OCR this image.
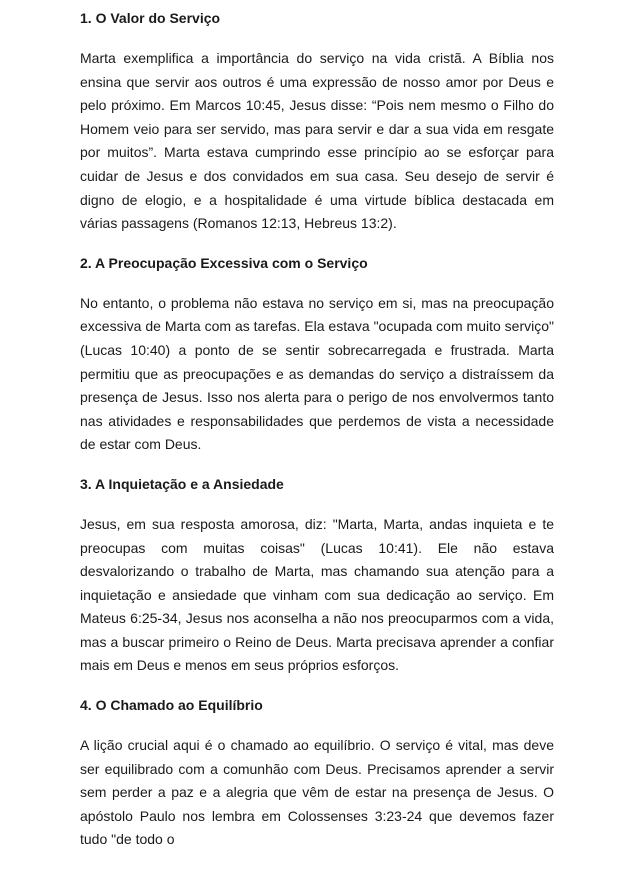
1. O Valor do Serviço

Marta exemplifica a importância do serviço na vida cristã. A Bíblia nos ensina que servir aos outros é uma expressão de nosso amor por Deus e pelo próximo. Em Marcos 10:45, Jesus disse: “Pois nem mesmo o Filho do Homem veio para ser servido, mas para servir e dar a sua vida em resgate por muitos”. Marta estava cumprindo esse princípio ao se esforçar para cuidar de Jesus e dos convidados em sua casa. Seu desejo de servir é digno de elogio, e a hospitalidade é uma virtude bíblica destacada em várias passagens (Romanos 12:13, Hebreus 13:2).

2. A Preocupação Excessiva com o Serviço

No entanto, o problema não estava no serviço em si, mas na preocupação excessiva de Marta com as tarefas. Ela estava "ocupada com muito serviço" (Lucas 10:40) a ponto de se sentir sobrecarregada e frustrada. Marta permitiu que as preocupações e as demandas do serviço a distraíssem da presença de Jesus. Isso nos alerta para o perigo de nos envolvermos tanto nas atividades e responsabilidades que perdemos de vista a necessidade de estar com Deus.

3. A Inquietação e a Ansiedade

Jesus, em sua resposta amorosa, diz: "Marta, Marta, andas inquieta e te preocupas com muitas coisas" (Lucas 10:41). Ele não estava desvalorizando o trabalho de Marta, mas chamando sua atenção para a inquietação e ansiedade que vinham com sua dedicação ao serviço. Em Mateus 6:25-34, Jesus nos aconselha a não nos preocuparmos com a vida, mas a buscar primeiro o Reino de Deus. Marta precisava aprender a confiar mais em Deus e menos em seus próprios esforços.

4. O Chamado ao Equilíbrio

A lição crucial aqui é o chamado ao equilíbrio. O serviço é vital, mas deve ser equilibrado com a comunhão com Deus. Precisamos aprender a servir sem perder a paz e a alegria que vêm de estar na presença de Jesus. O apóstolo Paulo nos lembra em Colossenses 3:23-24 que devemos fazer tudo "de todo o
